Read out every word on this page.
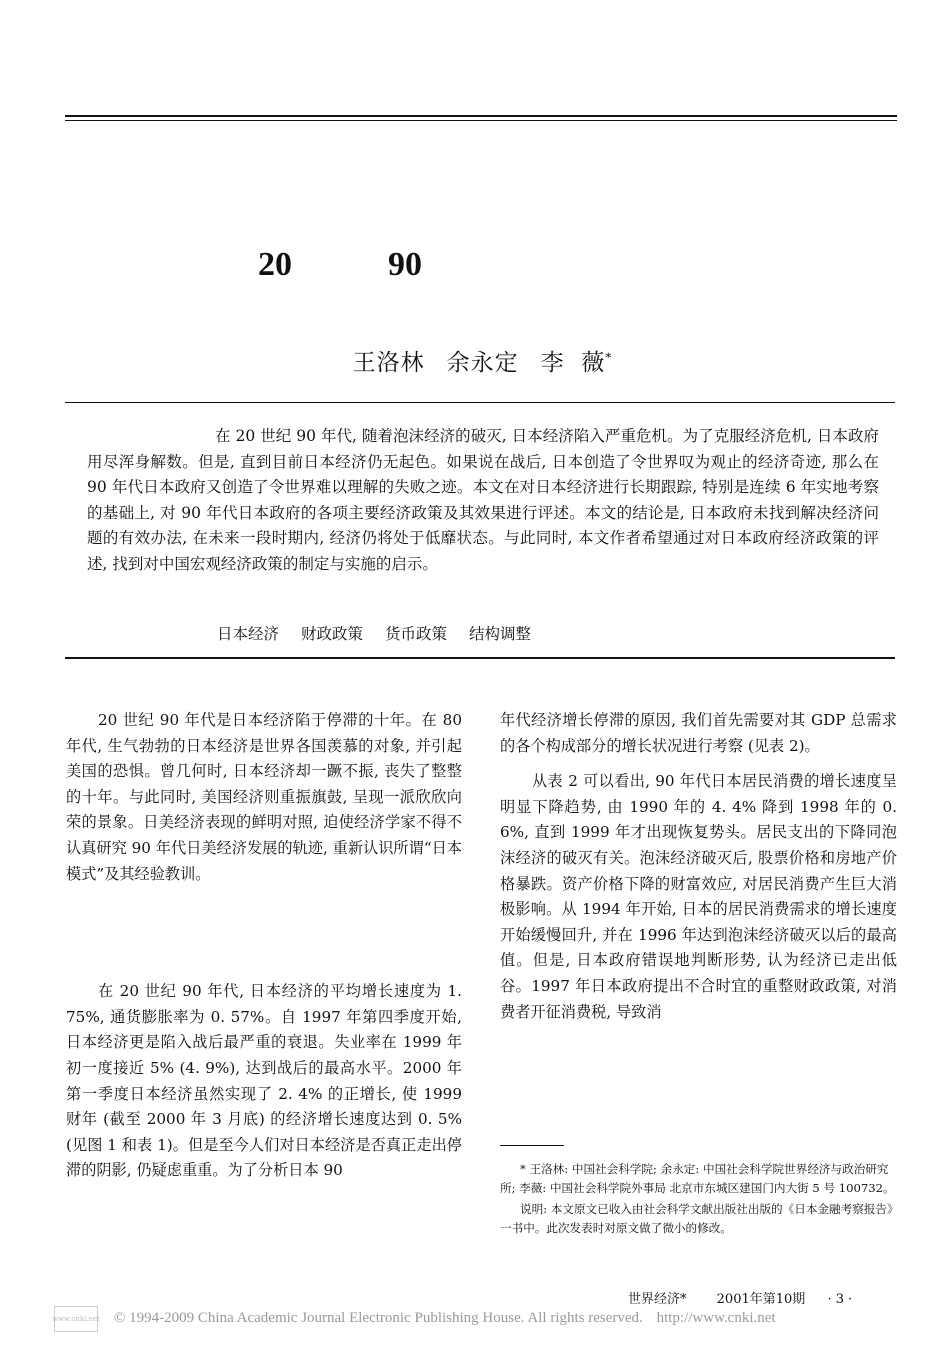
20	90

王洛林 余永定 李  薇*

在 20 世纪 90 年代, 随着泡沫经济的破灭, 日本经济陷入严重危机。为了克服经济危机, 日本政府用尽浑身解数。但是, 直到目前日本经济仍无起色。如果说在战后, 日本创造了令世界叹为观止的经济奇迹, 那么在 90 年代日本政府又创造了令世界难以理解的失败之迹。本文在对日本经济进行长期跟踪, 特别是连续 6 年实地考察的基础上, 对 90 年代日本政府的各项主要经济政策及其效果进行评述。本文的结论是, 日本政府未找到解决经济问题的有效办法, 在未来一段时期内, 经济仍将处于低靡状态。与此同时, 本文作者希望通过对日本政府经济政策的评述, 找到对中国宏观经济政策的制定与实施的启示。
日本经济 财政政策 货币政策 结构调整

20 世纪 90 年代是日本经济陷于停滞的十年。在 80 年代, 生气勃勃的日本经济是世界各国羡慕的对象, 并引起美国的恐惧。曾几何时, 日本经济却一蹶不振, 丧失了整整的十年。与此同时, 美国经济则重振旗鼓, 呈现一派欣欣向荣的景象。日美经济表现的鲜明对照, 迫使经济学家不得不认真研究 90 年代日美经济发展的轨迹, 重新认识所谓“日本模式”及其经验教训。

在 20 世纪 90 年代, 日本经济的平均增长速度为 1. 75%, 通货膨胀率为 0. 57%。自 1997 年第四季度开始, 日本经济更是陷入战后最严重的衰退。失业率在 1999 年初一度接近 5% (4. 9%), 达到战后的最高水平。2000 年第一季度日本经济虽然实现了 2. 4% 的正增长, 使 1999 财年 (截至 2000 年 3 月底) 的经济增长速度达到 0. 5% (见图 1 和表 1)。但是至今人们对日本经济是否真正走出停滞的阴影, 仍疑虑重重。为了分析日本 90

年代经济增长停滞的原因, 我们首先需要对其 GDP 总需求的各个构成部分的增长状况进行考察 (见表 2)。

从表 2 可以看出, 90 年代日本居民消费的增长速度呈明显下降趋势, 由 1990 年的 4. 4% 降到 1998 年的 0. 6%, 直到 1999 年才出现恢复势头。居民支出的下降同泡沫经济的破灭有关。泡沫经济破灭后, 股票价格和房地产价格暴跌。资产价格下降的财富效应, 对居民消费产生巨大消极影响。从 1994 年开始, 日本的居民消费需求的增长速度开始缓慢回升, 并在 1996 年达到泡沫经济破灭以后的最高值。但是, 日本政府错误地判断形势, 认为经济已走出低谷。1997 年日本政府提出不合时宜的重整财政政策, 对消费者开征消费税, 导致消

* 王洛林: 中国社会科学院; 余永定: 中国社会科学院世界经济与政治研究所; 李薇: 中国社会科学院外事局 北京市东城区建国门内大街 5 号 100732。
说明: 本文原文已收入由社会科学文献出版社出版的《日本金融考察报告》一书中。此次发表时对原文做了微小的修改。
世界经济* 2001年第10期 · 3 ·
www.cnki.net © 1994-2009 China Academic Journal Electronic Publishing House. All rights reserved. http://www.cnki.net
